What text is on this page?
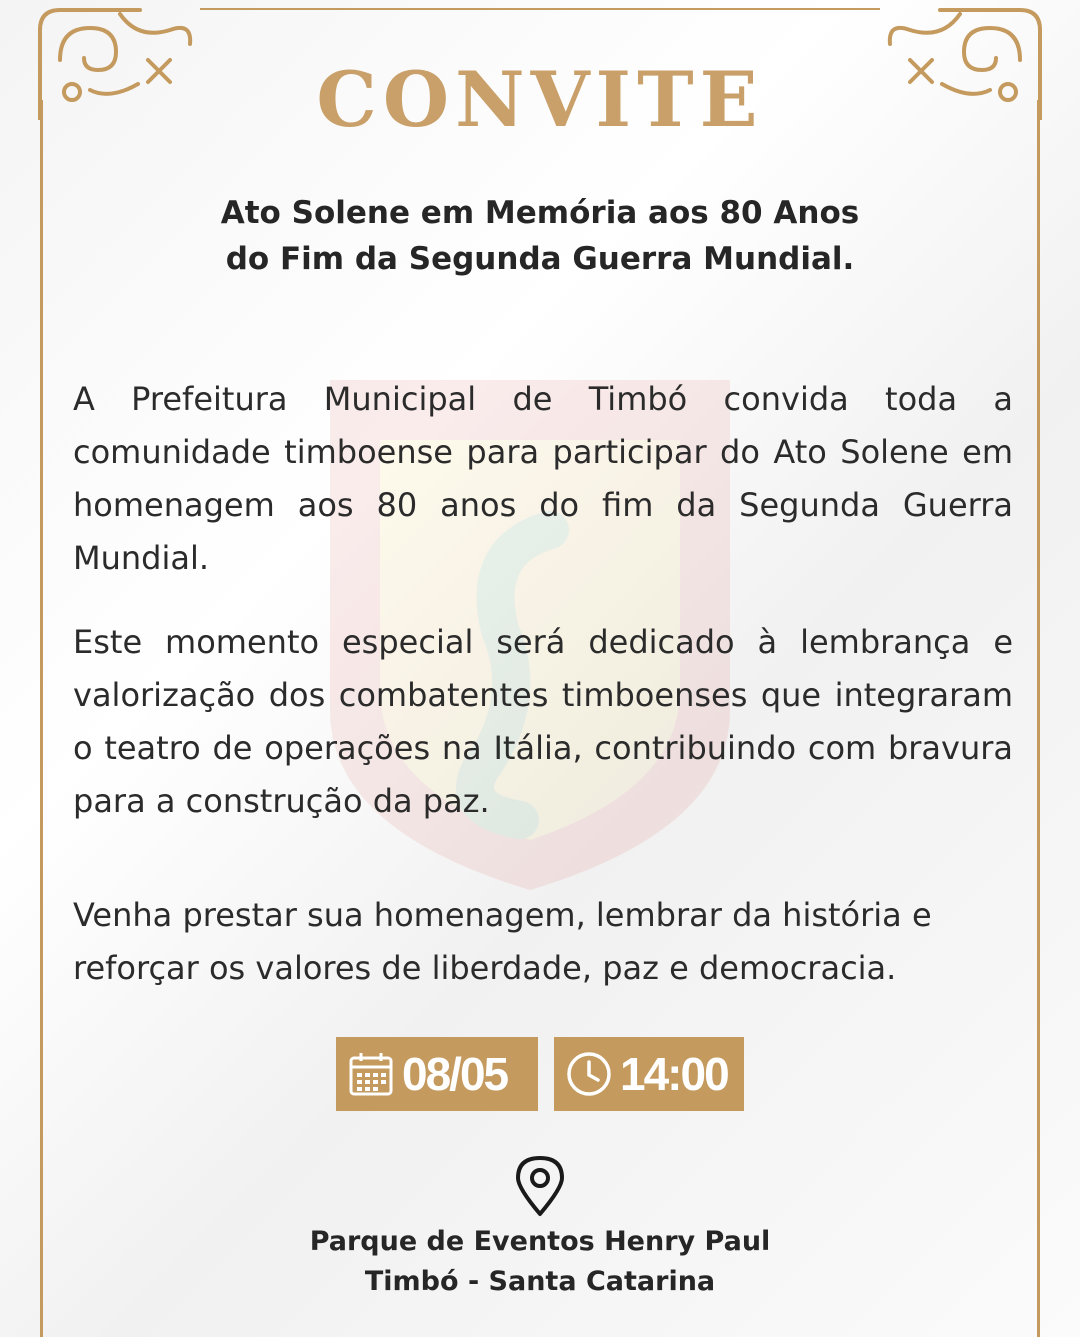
CONVITE
Ato Solene em Memória aos 80 Anos
do Fim da Segunda Guerra Mundial.
A Prefeitura Municipal de Timbó convida toda a comunidade timboense para participar do Ato Solene em homenagem aos 80 anos do fim da Segunda Guerra Mundial.
Este momento especial será dedicado à lembrança e valorização dos combatentes timboenses que integraram o teatro de operações na Itália, contribuindo com bravura para a construção da paz.
Venha prestar sua homenagem, lembrar da história e
reforçar os valores de liberdade, paz e democracia.
08/05 14:00
Parque de Eventos Henry Paul
Timbó - Santa Catarina
